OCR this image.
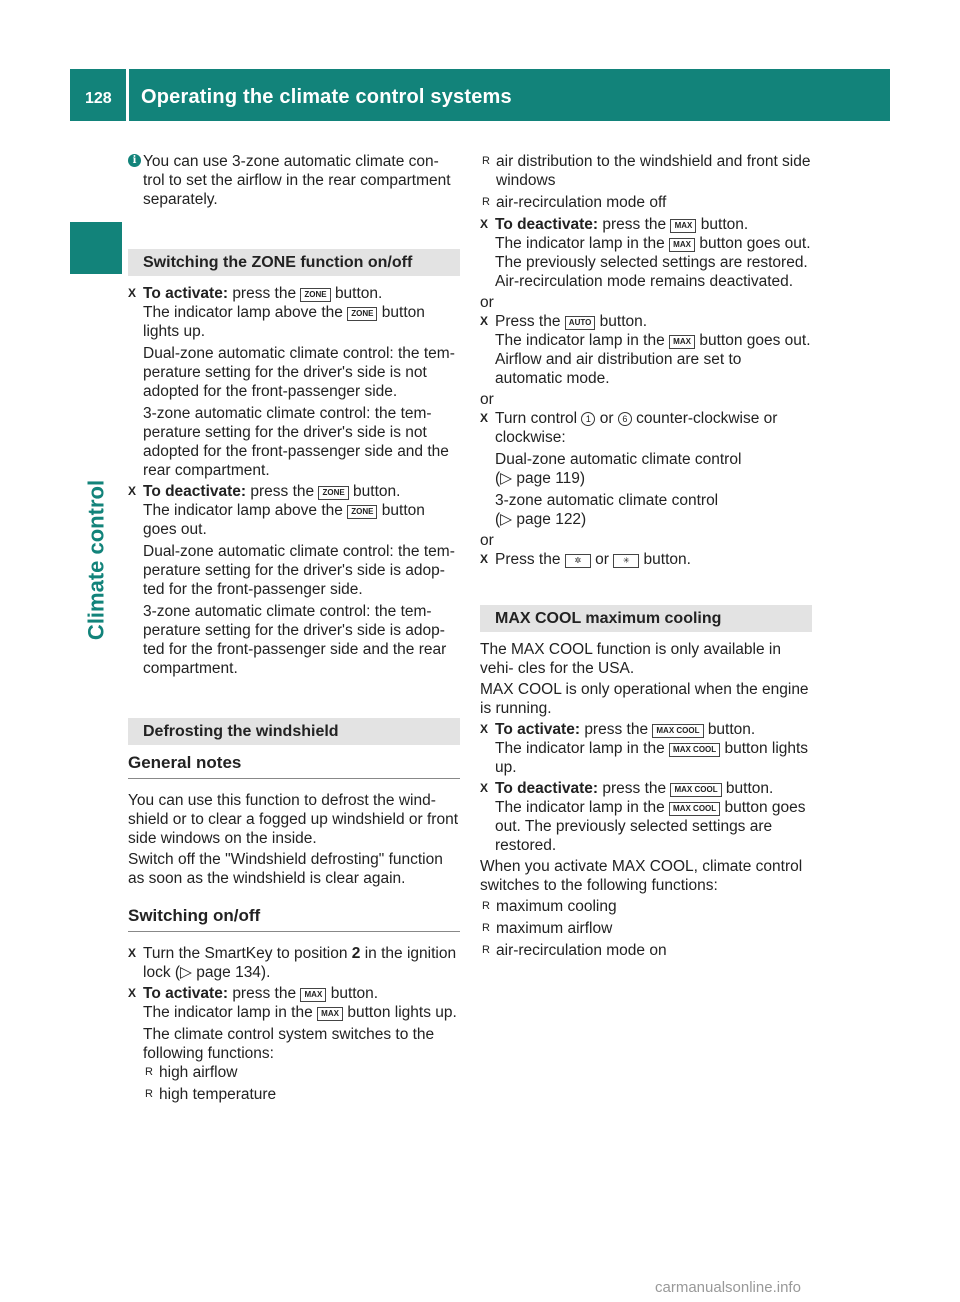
128 Operating the climate control systems
Climate control
i You can use 3-zone automatic climate con- trol to set the airflow in the rear compartment separately.
Switching the ZONE function on/off
X To activate: press the ZONE button.
The indicator lamp above the ZONE button lights up.

Dual-zone automatic climate control: the tem- perature setting for the driver's side is not adopted for the front-passenger side.

3-zone automatic climate control: the tem- perature setting for the driver's side is not adopted for the front-passenger side and the rear compartment.

X To deactivate: press the ZONE button.
The indicator lamp above the ZONE button goes out.

Dual-zone automatic climate control: the tem- perature setting for the driver's side is adop- ted for the front-passenger side.

3-zone automatic climate control: the tem- perature setting for the driver's side is adop- ted for the front-passenger side and the rear compartment.

Defrosting the windshield
General notes

You can use this function to defrost the wind- shield or to clear a fogged up windshield or front side windows on the inside.

Switch off the "Windshield defrosting" function as soon as the windshield is clear again.

Switching on/off
X Turn the SmartKey to position 2 in the ignition lock (▷ page 134).
X To activate: press the MAX button.
The indicator lamp in the MAX button lights up.

The climate control system switches to the following functions:

R high airflow
R high temperature
R air distribution to the windshield and front side windows
R air-recirculation mode off
X To deactivate: press the MAX button.
The indicator lamp in the MAX button goes out. The previously selected settings are restored. Air-recirculation mode remains deactivated.

or

X Press the AUTO button.
The indicator lamp in the MAX button goes out. Airflow and air distribution are set to automatic mode.

or

X Turn control 1 or 6 counter-clockwise or clockwise:

Dual-zone automatic climate control

(▷ page 119)

3-zone automatic climate control

(▷ page 122)

or

X Press the ✲ or ✳ button.
MAX COOL maximum cooling

The MAX COOL function is only available in vehi- cles for the USA.

MAX COOL is only operational when the engine is running.

X To activate: press the MAX COOL button.
The indicator lamp in the MAX COOL button lights up.
X To deactivate: press the MAX COOL button.
The indicator lamp in the MAX COOL button goes out. The previously selected settings are restored.

When you activate MAX COOL, climate control switches to the following functions:

R maximum cooling
R maximum airflow
R air-recirculation mode on
carmanualsonline.info
